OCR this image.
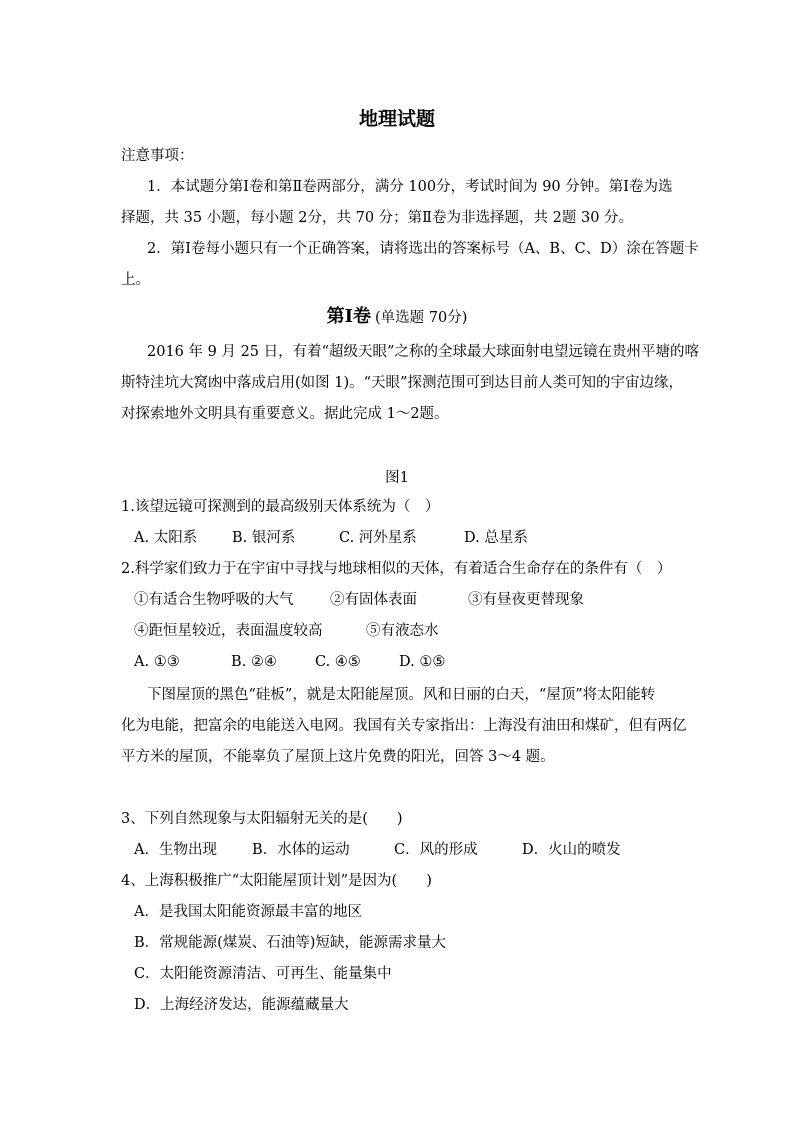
地理试题
注意事项：
1．本试题分第Ⅰ卷和第Ⅱ卷两部分，满分 100分，考试时间为 90 分钟。第Ⅰ卷为选
择题，共 35 小题，每小题 2分，共 70 分；第Ⅱ卷为非选择题，共 2题 30 分。
2．第Ⅰ卷每小题只有一个正确答案，请将选出的答案标号（A、B、C、D）涂在答题卡
上。
第Ⅰ卷 (单选题 70分)
2016 年 9 月 25 日，有着“超级天眼”之称的全球最大球面射电望远镜在贵州平塘的喀
斯特洼坑大窝凼中落成启用(如图 1)。“天眼”探测范围可到达目前人类可知的宇宙边缘，
对探索地外文明具有重要意义。据此完成 1～2题。
图1
1.该望远镜可探测到的最高级别天体系统为（　）
A. 太阳系 B. 银河系	C. 河外星系	D. 总星系
2.科学家们致力于在宇宙中寻找与地球相似的天体，有着适合生命存在的条件有（　）
①有适合生物呼吸的大气	②有固体表面	③有昼夜更替现象
④距恒星较近，表面温度较高	⑤有液态水
A. ①③	B. ②④	C. ④⑤	D. ①⑤
下图屋顶的黑色“硅板”，就是太阳能屋顶。风和日丽的白天，“屋顶”将太阳能转
化为电能，把富余的电能送入电网。我国有关专家指出：上海没有油田和煤矿，但有两亿
平方米的屋顶，不能辜负了屋顶上这片免费的阳光，回答 3～4 题。
3、下列自然现象与太阳辐射无关的是(　　)
A．生物出现 B．水体的运动	C．风的形成	D．火山的喷发
4、上海积极推广“太阳能屋顶计划”是因为(　　)
A．是我国太阳能资源最丰富的地区
B．常规能源(煤炭、石油等)短缺，能源需求量大
C．太阳能资源清洁、可再生、能量集中
D．上海经济发达，能源蕴藏量大
